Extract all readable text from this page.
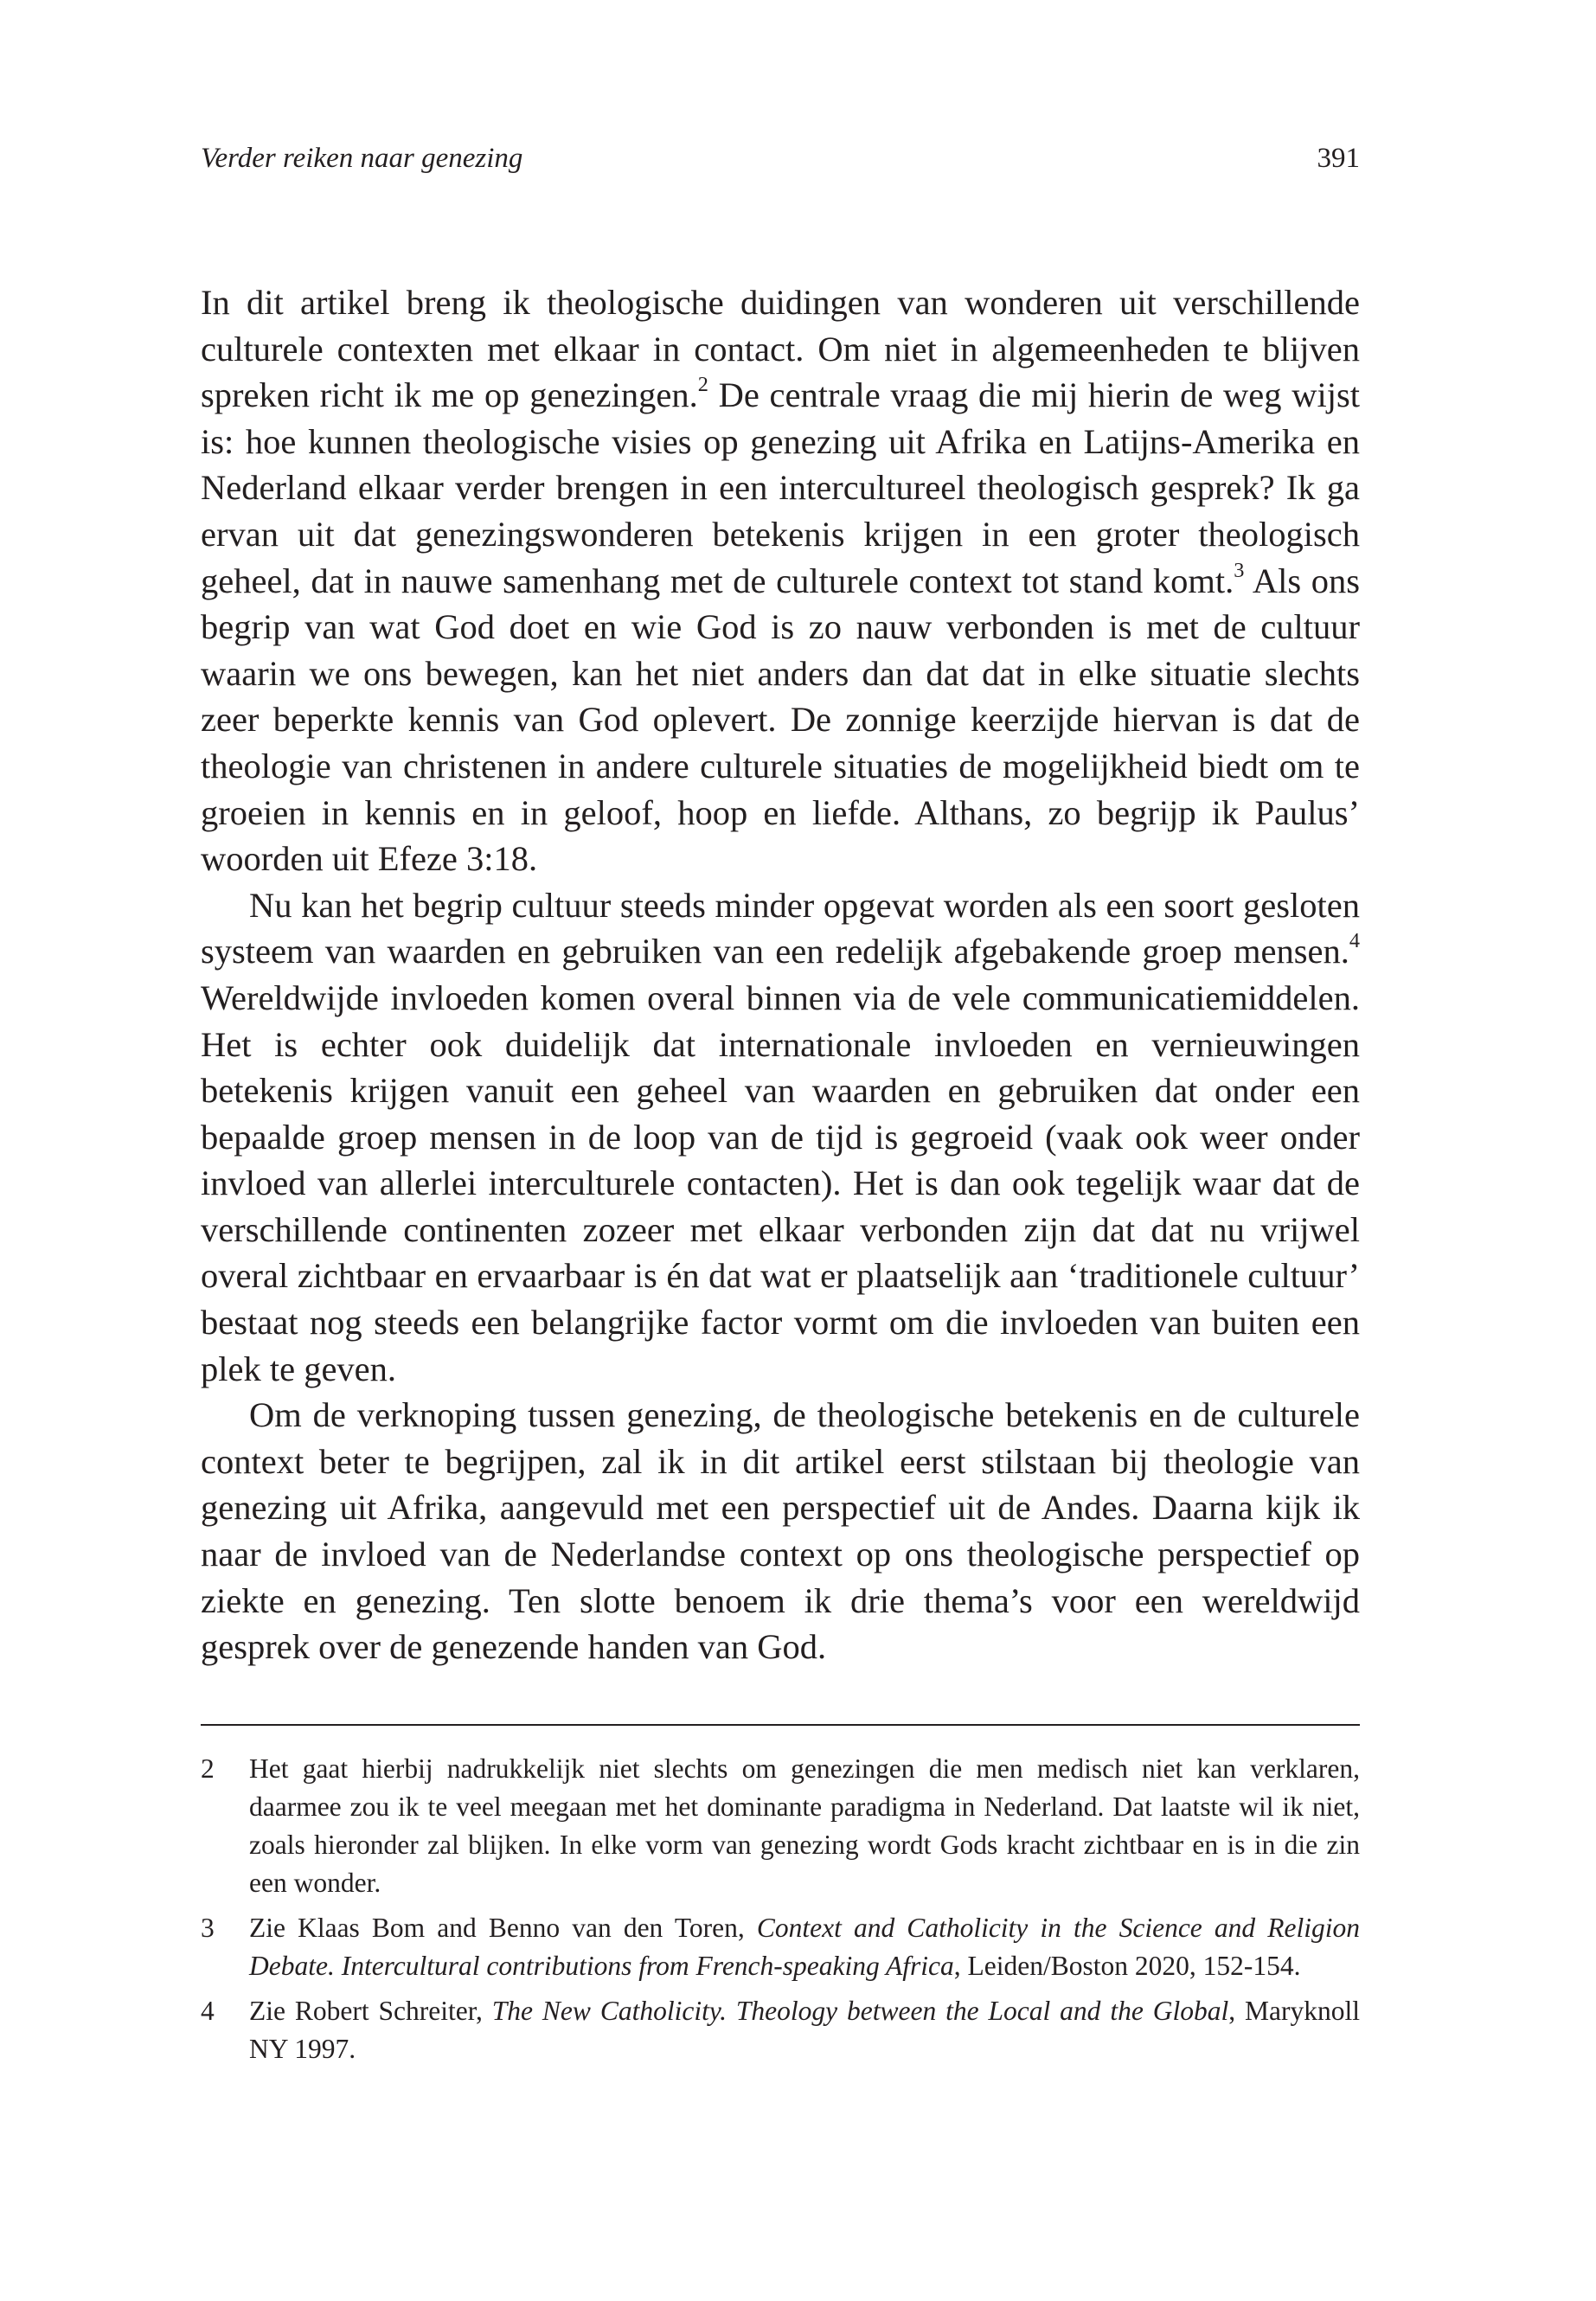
Verder reiken naar genezing	391

In dit artikel breng ik theologische duidingen van wonderen uit verschillende culturele contexten met elkaar in contact. Om niet in algemeenheden te blijven spreken richt ik me op genezingen.$^2$ De centrale vraag die mij hierin de weg wijst is: hoe kunnen theologische visies op genezing uit Afrika en Latijns-Amerika en Nederland elkaar verder brengen in een intercultureel theologisch gesprek? Ik ga ervan uit dat genezingswonderen betekenis krijgen in een groter theologisch geheel, dat in nauwe samenhang met de culturele context tot stand komt.$^3$ Als ons begrip van wat God doet en wie God is zo nauw verbonden is met de cultuur waarin we ons bewegen, kan het niet anders dan dat dat in elke situatie slechts zeer beperkte kennis van God oplevert. De zonnige keerzijde hiervan is dat de theologie van christenen in andere culturele situaties de mogelijkheid biedt om te groeien in kennis en in geloof, hoop en liefde. Althans, zo begrijp ik Paulus’ woorden uit Efeze 3:18.

Nu kan het begrip cultuur steeds minder opgevat worden als een soort gesloten systeem van waarden en gebruiken van een redelijk afgebakende groep mensen.$^4$ Wereldwijde invloeden komen overal binnen via de vele communicatiemiddelen. Het is echter ook duidelijk dat internationale invloeden en vernieuwingen betekenis krijgen vanuit een geheel van waarden en gebruiken dat onder een bepaalde groep mensen in de loop van de tijd is gegroeid (vaak ook weer onder invloed van allerlei interculturele contacten). Het is dan ook tegelijk waar dat de verschillende continenten zozeer met elkaar verbonden zijn dat dat nu vrijwel overal zichtbaar en ervaarbaar is én dat wat er plaatselijk aan ‘traditionele cultuur’ bestaat nog steeds een belangrijke factor vormt om die invloeden van buiten een plek te geven.

Om de verknoping tussen genezing, de theologische betekenis en de culturele context beter te begrijpen, zal ik in dit artikel eerst stilstaan bij theologie van genezing uit Afrika, aangevuld met een perspectief uit de Andes. Daarna kijk ik naar de invloed van de Nederlandse context op ons theologische perspectief op ziekte en genezing. Ten slotte benoem ik drie thema’s voor een wereldwijd gesprek over de genezende handen van God.

2 Het gaat hierbij nadrukkelijk niet slechts om genezingen die men medisch niet kan verklaren, daarmee zou ik te veel meegaan met het dominante paradigma in Nederland. Dat laatste wil ik niet, zoals hieronder zal blijken. In elke vorm van genezing wordt Gods kracht zichtbaar en is in die zin een wonder.
3 Zie Klaas Bom and Benno van den Toren, Context and Catholicity in the Science and Religion Debate. Intercultural contributions from French-speaking Africa, Leiden/Boston 2020, 152-154.
4 Zie Robert Schreiter, The New Catholicity. Theology between the Local and the Global, Maryknoll NY 1997.
